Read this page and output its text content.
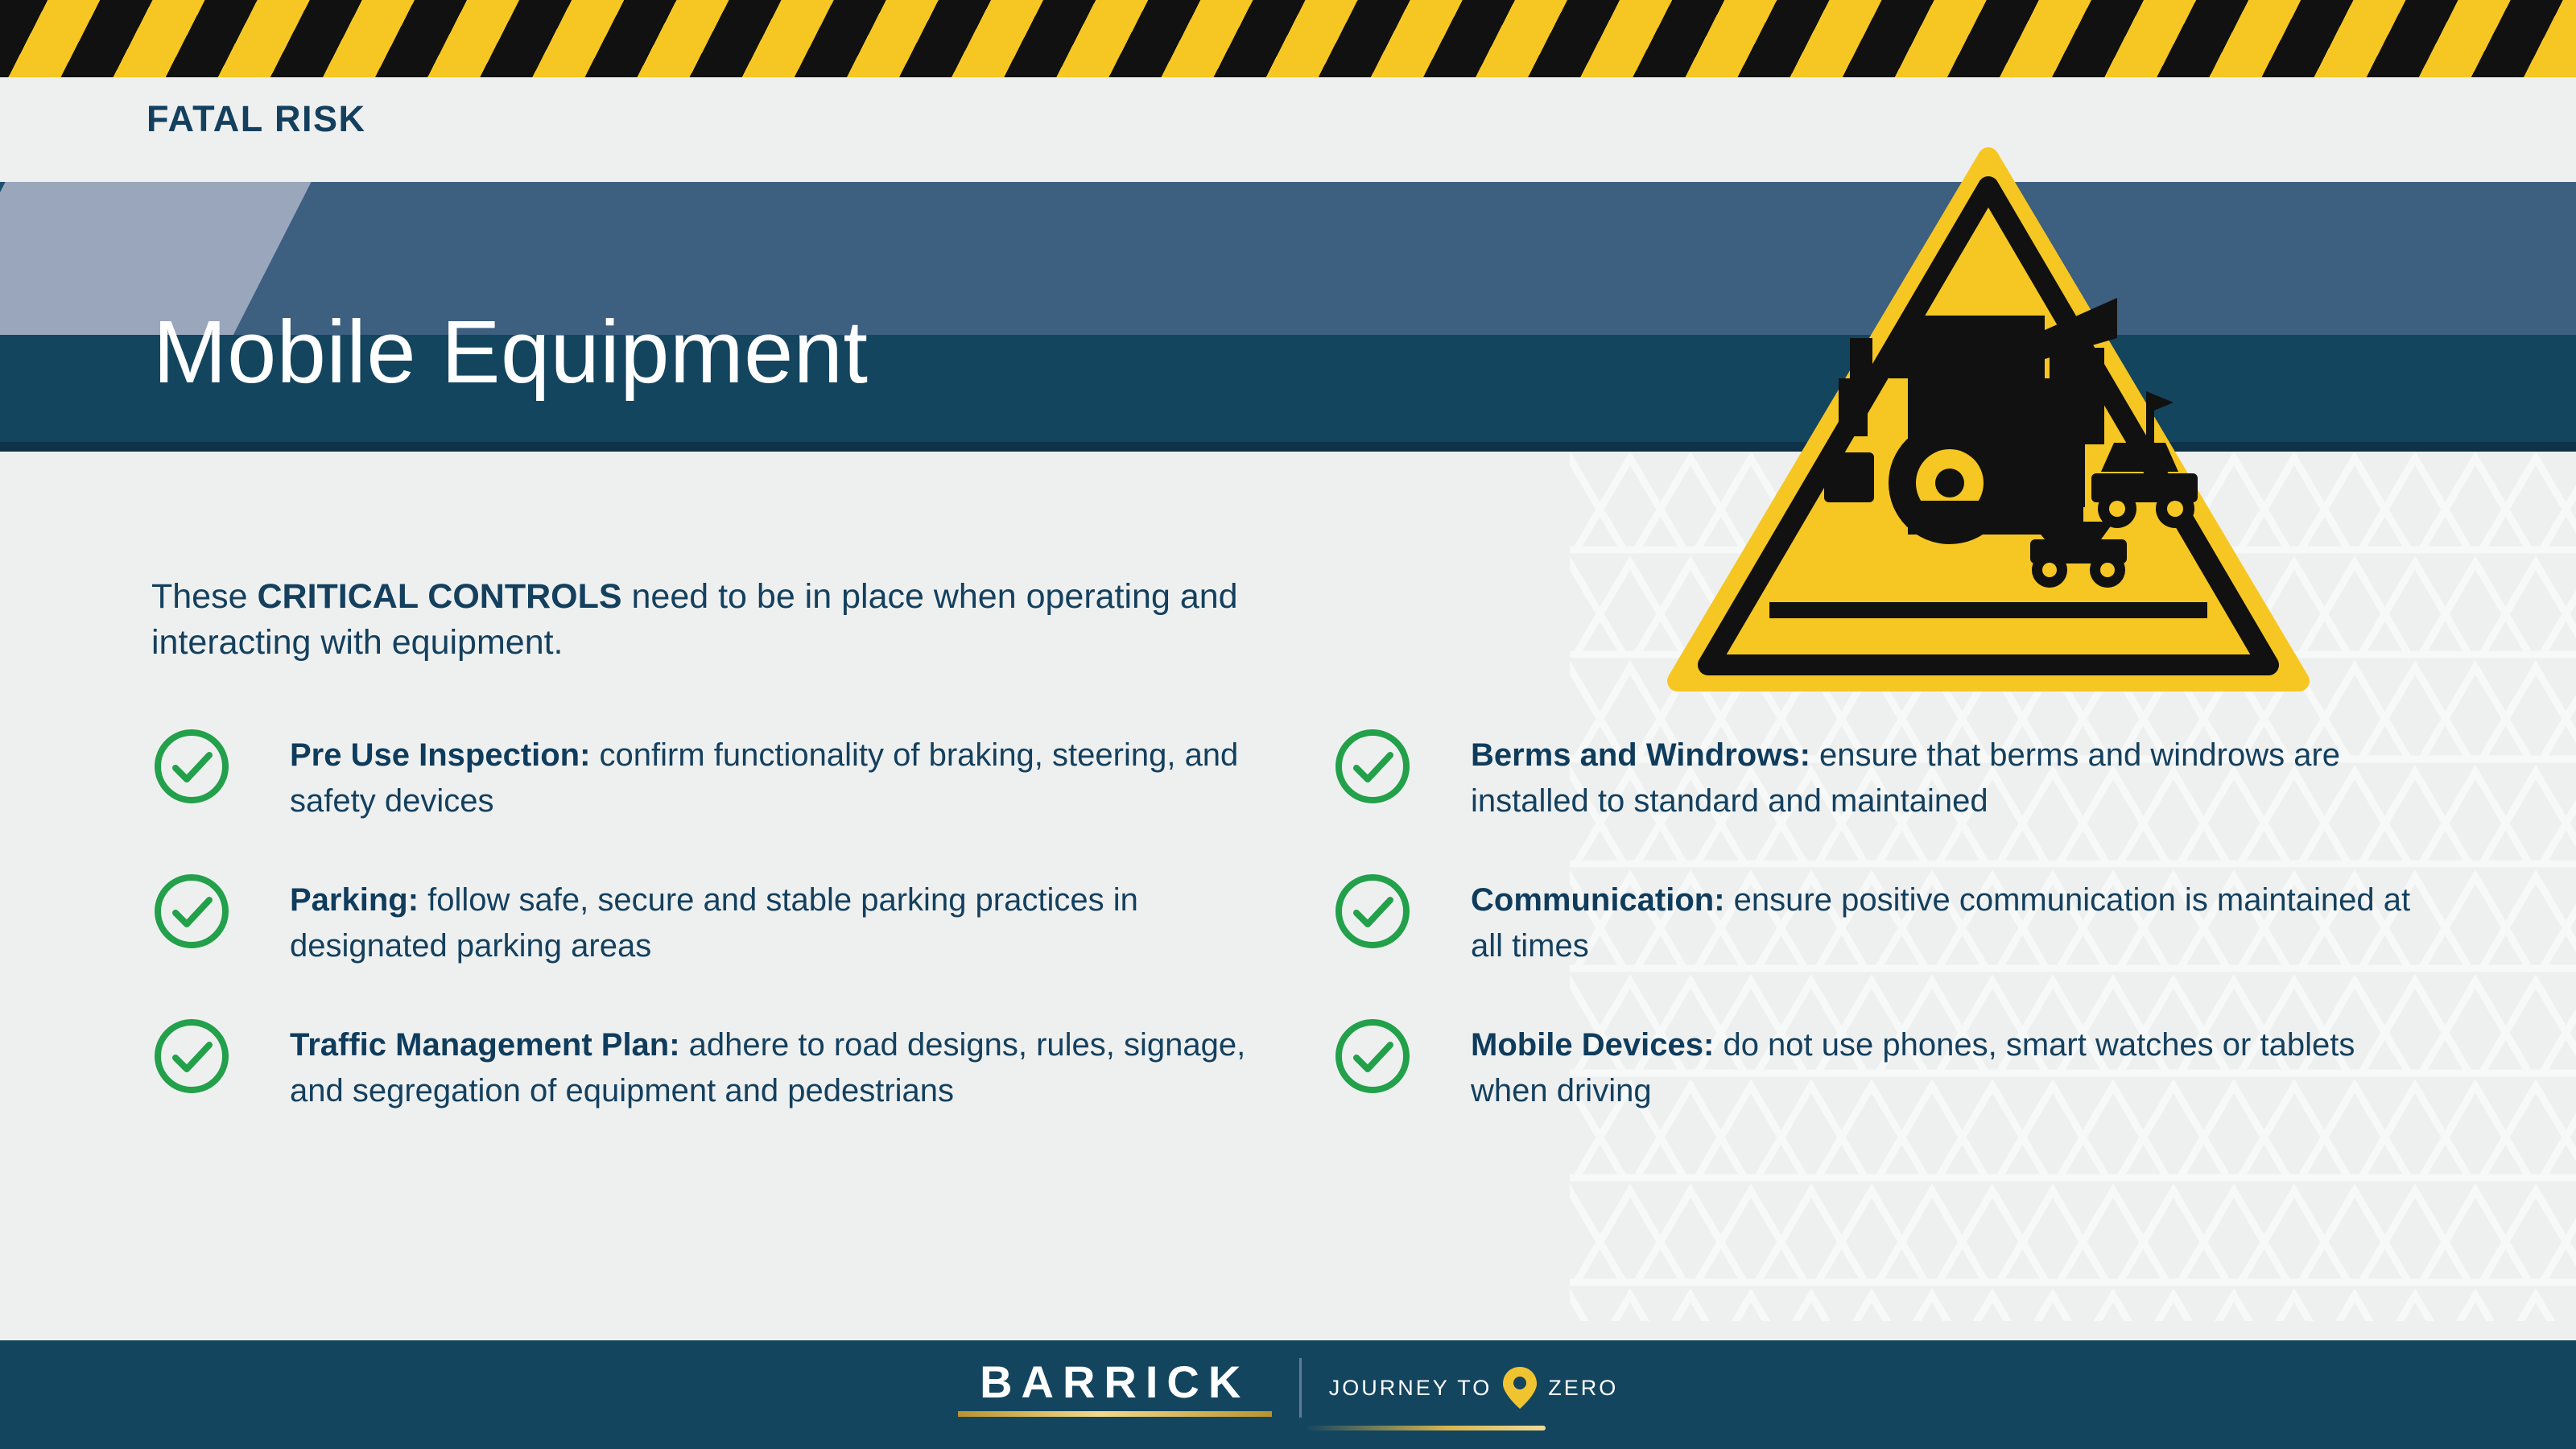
FATAL RISK
Mobile Equipment

These CRITICAL CONTROLS need to be in place when operating and interacting with equipment.

Pre Use Inspection: confirm functionality of braking, steering, and safety devices
Parking: follow safe, secure and stable parking practices in designated parking areas
Traffic Management Plan: adhere to road designs, rules, signage, and segregation of equipment and pedestrians
Berms and Windrows: ensure that berms and windrows are installed to standard and maintained
Communication: ensure positive communication is maintained at all times
Mobile Devices: do not use phones, smart watches or tablets when driving
BARRICK	JOURNEY TO	ZERO
